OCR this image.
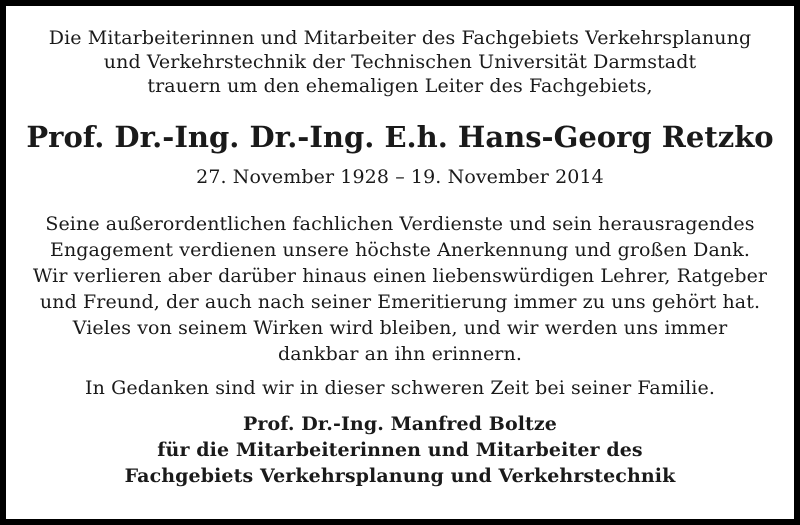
Die Mitarbeiterinnen und Mitarbeiter des Fachgebiets Verkehrsplanung
und Verkehrstechnik der Technischen Universität Darmstadt
trauern um den ehemaligen Leiter des Fachgebiets,
Prof. Dr.-Ing. Dr.-Ing. E.h. Hans-Georg Retzko
27. November 1928 – 19. November 2014
Seine außerordentlichen fachlichen Verdienste und sein herausragendes
Engagement verdienen unsere höchste Anerkennung und großen Dank.
Wir verlieren aber darüber hinaus einen liebenswürdigen Lehrer, Ratgeber
und Freund, der auch nach seiner Emeritierung immer zu uns gehört hat.
Vieles von seinem Wirken wird bleiben, und wir werden uns immer
dankbar an ihn erinnern.
In Gedanken sind wir in dieser schweren Zeit bei seiner Familie.
Prof. Dr.-Ing. Manfred Boltze
für die Mitarbeiterinnen und Mitarbeiter des
Fachgebiets Verkehrsplanung und Verkehrstechnik
